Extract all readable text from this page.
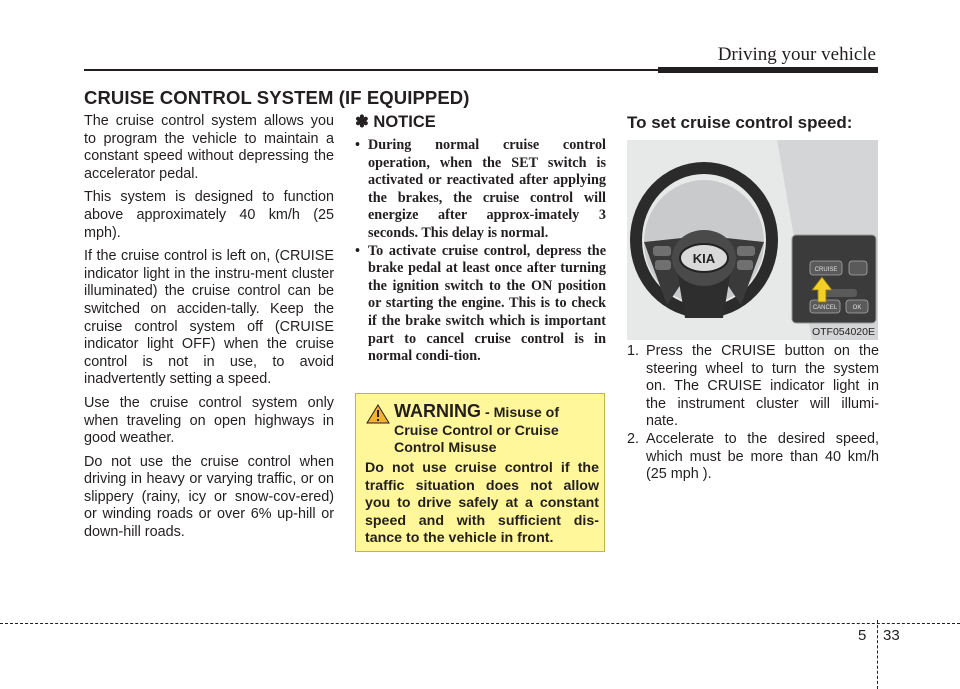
Driving your vehicle
CRUISE CONTROL SYSTEM (IF EQUIPPED)

The cruise control system allows you to program the vehicle to maintain a constant speed without depressing the accelerator pedal.

This system is designed to function above approximately 40 km/h (25 mph).

If the cruise control is left on, (CRUISE indicator light in the instru-ment cluster illuminated) the cruise control can be switched on acciden-tally. Keep the cruise control system off (CRUISE indicator light OFF) when the cruise control is not in use, to avoid inadvertently setting a speed.

Use the cruise control system only when traveling on open highways in good weather.

Do not use the cruise control when driving in heavy or varying traffic, or on slippery (rainy, icy or snow-cov-ered) or winding roads or over 6% up-hill or down-hill roads.

✽ NOTICE
• During normal cruise control operation, when the SET switch is activated or reactivated after applying the brakes, the cruise control will energize after approx-imately 3 seconds. This delay is normal.
• To activate cruise control, depress the brake pedal at least once after turning the ignition switch to the ON position or starting the engine. This is to check if the brake switch which is important part to cancel cruise control is in normal condi-tion.
WARNING - Misuse of Cruise Control or Cruise Control Misuse
Do not use cruise control if the traffic situation does not allow you to drive safely at a constant speed and with sufficient dis-tance to the vehicle in front.
To set cruise control speed:
KIA
CRUISE
CANCEL	OK
OTF054020E
1. Press the CRUISE button on the steering wheel to turn the system on. The CRUISE indicator light in the instrument cluster will illumi-nate.
2. Accelerate to the desired speed, which must be more than 40 km/h (25 mph ).
5 33
